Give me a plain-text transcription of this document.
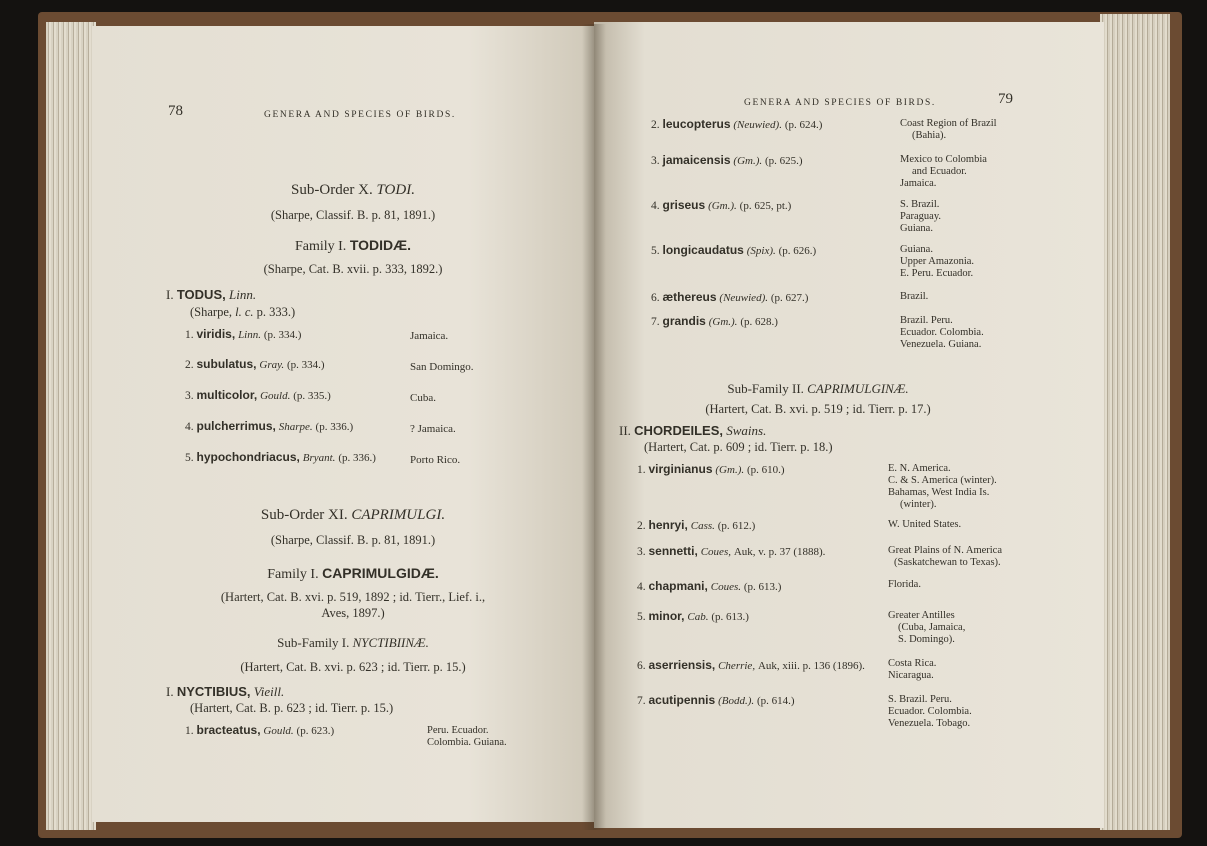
78	GENERA AND SPECIES OF BIRDS.
Sub-Order X. TODI.
(Sharpe, Classif. B. p. 81, 1891.)
Family I. TODIDÆ.
(Sharpe, Cat. B. xvii. p. 333, 1892.)
I. TODUS, Linn.
(Sharpe, l. c. p. 333.)
1. viridis, Linn. (p. 334.)	Jamaica.
2. subulatus, Gray. (p. 334.)	San Domingo.
3. multicolor, Gould. (p. 335.)	Cuba.
4. pulcherrimus, Sharpe. (p. 336.)	? Jamaica.
5. hypochondriacus, Bryant. (p. 336.)	Porto Rico.
Sub-Order XI. CAPRIMULGI.
(Sharpe, Classif. B. p. 81, 1891.)
Family I. CAPRIMULGIDÆ.
(Hartert, Cat. B. xvi. p. 519, 1892 ; id. Tierr., Lief. i.,
Aves, 1897.)
Sub-Family I. NYCTIBIINÆ.
(Hartert, Cat. B. xvi. p. 623 ; id. Tierr. p. 15.)
I. NYCTIBIUS, Vieill.
(Hartert, Cat. B. p. 623 ; id. Tierr. p. 15.)
1. bracteatus, Gould. (p. 623.)	Peru. Ecuador.
Colombia. Guiana.
GENERA AND SPECIES OF BIRDS.	79
2. leucopterus (Neuwied). (p. 624.)	Coast Region of Brazil
(Bahia).
3. jamaicensis (Gm.). (p. 625.)	Mexico to Colombia
and Ecuador.
Jamaica.
4. griseus (Gm.). (p. 625, pt.)	S. Brazil.
Paraguay.
Guiana.
5. longicaudatus (Spix). (p. 626.)	Guiana.
Upper Amazonia.
E. Peru. Ecuador.
6. æthereus (Neuwied). (p. 627.)	Brazil.
7. grandis (Gm.). (p. 628.)	Brazil. Peru.
Ecuador. Colombia.
Venezuela. Guiana.
Sub-Family II. CAPRIMULGINÆ.
(Hartert, Cat. B. xvi. p. 519 ; id. Tierr. p. 17.)
II. CHORDEILES, Swains.
(Hartert, Cat. p. 609 ; id. Tierr. p. 18.)
1. virginianus (Gm.). (p. 610.)	E. N. America.
C. & S. America (winter).
Bahamas, West India Is.
(winter).
2. henryi, Cass. (p. 612.)	W. United States.
3. sennetti, Coues, Auk, v. p. 37 (1888).	Great Plains of N. America
(Saskatchewan to Texas).
4. chapmani, Coues. (p. 613.)	Florida.
5. minor, Cab. (p. 613.)	Greater Antilles
(Cuba, Jamaica,
S. Domingo).
6. aserriensis, Cherrie, Auk, xiii. p. 136 (1896). Costa Rica.
Nicaragua.
7. acutipennis (Bodd.). (p. 614.)	S. Brazil. Peru.
Ecuador. Colombia.
Venezuela. Tobago.
